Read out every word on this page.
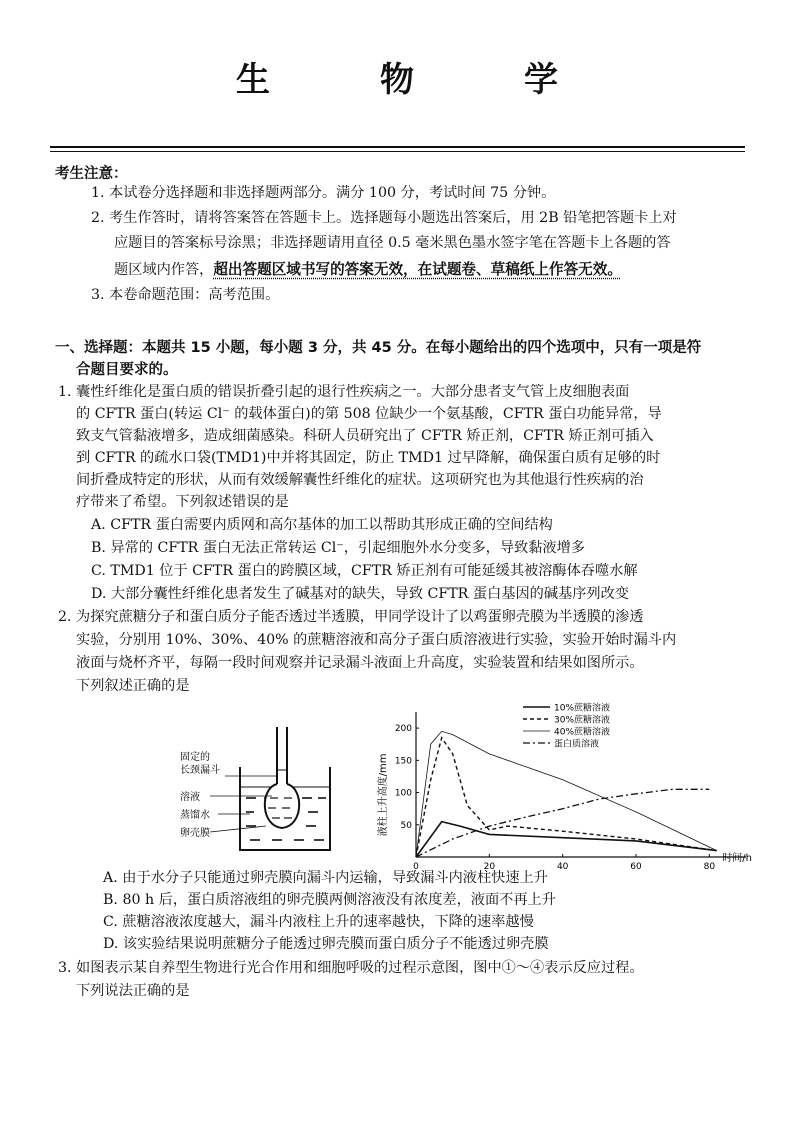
生　物　学
考生注意：
1. 本试卷分选择题和非选择题两部分。满分 100 分，考试时间 75 分钟。
2. 考生作答时，请将答案答在答题卡上。选择题每小题选出答案后，用 2B 铅笔把答题卡上对
应题目的答案标号涂黑；非选择题请用直径 0.5 毫米黑色墨水签字笔在答题卡上各题的答
题区域内作答，超出答题区域书写的答案无效，在试题卷、草稿纸上作答无效。
3. 本卷命题范围：高考范围。
一、选择题：本题共 15 小题，每小题 3 分，共 45 分。在每小题给出的四个选项中，只有一项是符
合题目要求的。
1. 囊性纤维化是蛋白质的错误折叠引起的退行性疾病之一。大部分患者支气管上皮细胞表面
的 CFTR 蛋白(转运 Cl⁻ 的载体蛋白)的第 508 位缺少一个氨基酸，CFTR 蛋白功能异常，导
致支气管黏液增多，造成细菌感染。科研人员研究出了 CFTR 矫正剂，CFTR 矫正剂可插入
到 CFTR 的疏水口袋(TMD1)中并将其固定，防止 TMD1 过早降解，确保蛋白质有足够的时
间折叠成特定的形状，从而有效缓解囊性纤维化的症状。这项研究也为其他退行性疾病的治
疗带来了希望。下列叙述错误的是
A. CFTR 蛋白需要内质网和高尔基体的加工以帮助其形成正确的空间结构
B. 异常的 CFTR 蛋白无法正常转运 Cl⁻，引起细胞外水分变多，导致黏液增多
C. TMD1 位于 CFTR 蛋白的跨膜区域，CFTR 矫正剂有可能延缓其被溶酶体吞噬水解
D. 大部分囊性纤维化患者发生了碱基对的缺失，导致 CFTR 蛋白基因的碱基序列改变
2. 为探究蔗糖分子和蛋白质分子能否透过半透膜，甲同学设计了以鸡蛋卵壳膜为半透膜的渗透
实验，分别用 10%、30%、40% 的蔗糖溶液和高分子蛋白质溶液进行实验，实验开始时漏斗内
液面与烧杯齐平，每隔一段时间观察并记录漏斗液面上升高度，实验装置和结果如图所示。
下列叙述正确的是
固定的
长颈漏斗
溶液
蒸馏水
卵壳膜
0	20	40	60	80
50
100
150
200
10%蔗糖溶液
30%蔗糖溶液
40%蔗糖溶液
蛋白质溶液
液柱上升高度/mm
时间/h
3. 如图表示某自养型生物进行光合作用和细胞呼吸的过程示意图，图中①～④表示反应过程。
下列说法正确的是
A. 由于水分子只能通过卵壳膜向漏斗内运输，导致漏斗内液柱快速上升
B. 80 h 后，蛋白质溶液组的卵壳膜两侧溶液没有浓度差，液面不再上升
C. 蔗糖溶液浓度越大，漏斗内液柱上升的速率越快，下降的速率越慢
D. 该实验结果说明蔗糖分子能透过卵壳膜而蛋白质分子不能透过卵壳膜
